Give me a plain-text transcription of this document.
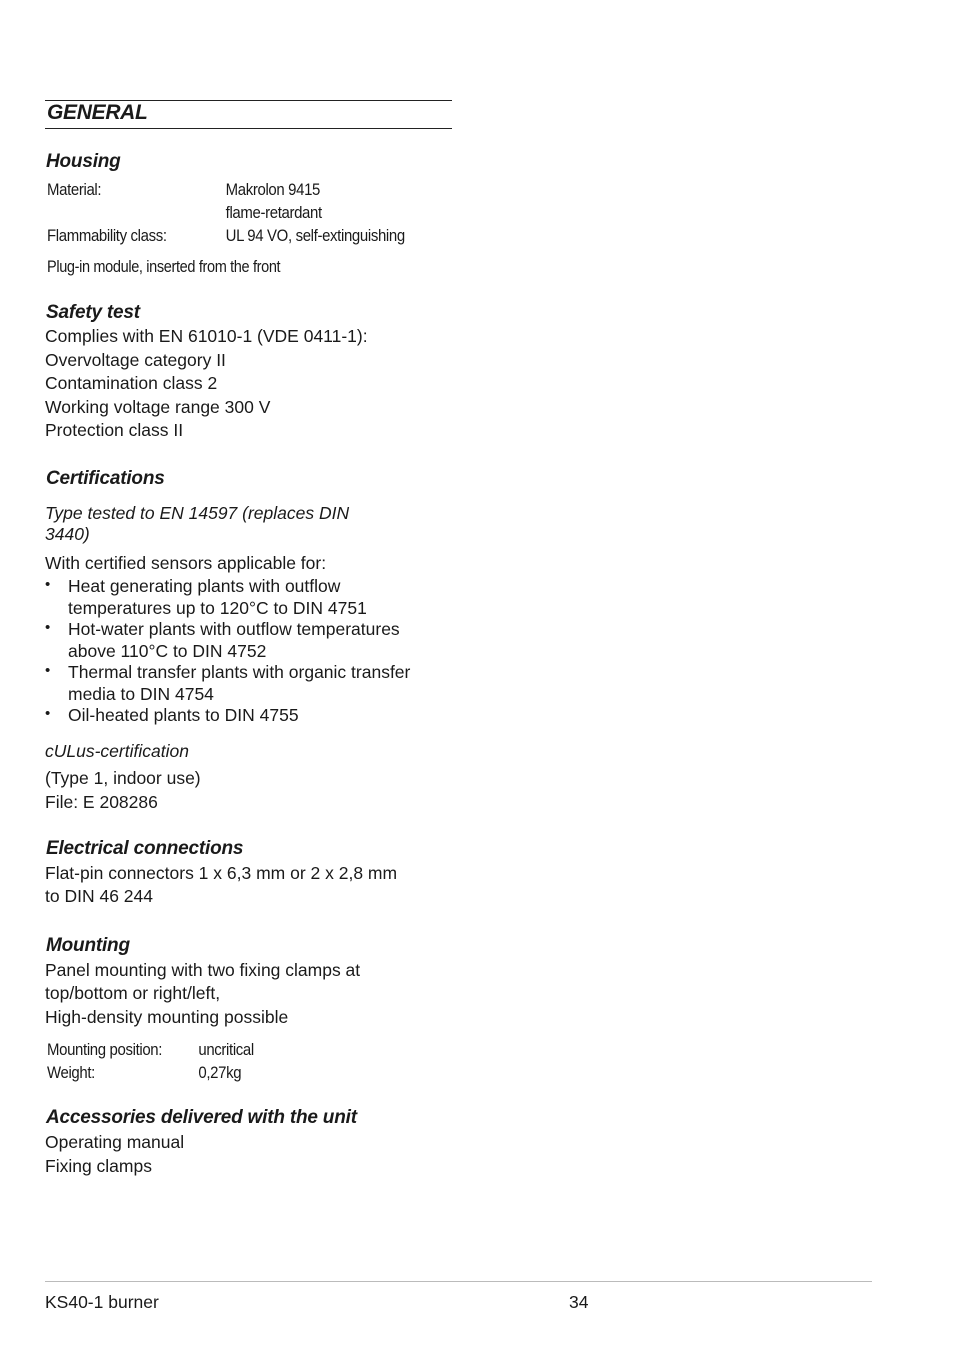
GENERAL
Housing
Material:	Makrolon 9415
flame-retardant
Flammability class:	UL 94 VO, self-extinguishing
Plug-in module, inserted from the front
Safety test
Complies with EN 61010-1 (VDE 0411-1):
Overvoltage category II
Contamination class 2
Working voltage range 300 V
Protection class II
Certifications
Type tested to EN 14597 (replaces DIN
3440)
With certified sensors applicable for:
• Heat generating plants with outflow
temperatures up to 120°C to DIN 4751
• Hot-water plants with outflow temperatures
above 110°C to DIN 4752
• Thermal transfer plants with organic transfer
media to DIN 4754
• Oil-heated plants to DIN 4755
cULus-certification
(Type 1, indoor use)
File: E 208286
Electrical connections
Flat-pin connectors 1 x 6,3 mm or 2 x 2,8 mm
to DIN 46 244
Mounting
Panel mounting with two fixing clamps at
top/bottom or right/left,
High-density mounting possible
Mounting position: uncritical
Weight:	0,27kg
Accessories delivered with the unit
Operating manual
Fixing clamps
KS40-1 burner	34
